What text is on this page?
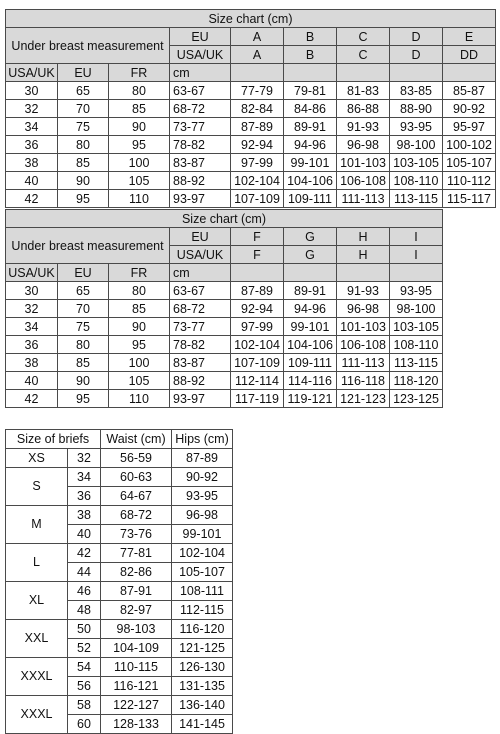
Size chart (cm)								
Under breast measurement			EU	A	B	C	D	E
			USA/UK	A	B	C	D	DD
USA/UK	EU	FR	cm					
30	65	80	63-67	77-79	79-81	81-83	83-85	85-87
32	70	85	68-72	82-84	84-86	86-88	88-90	90-92
34	75	90	73-77	87-89	89-91	91-93	93-95	95-97
36	80	95	78-82	92-94	94-96	96-98	98-100	100-102
38	85	100	83-87	97-99	99-101	101-103	103-105	105-107
40	90	105	88-92	102-104	104-106	106-108	108-110	110-112
42	95	110	93-97	107-109	109-111	111-113	113-115	115-117
Size chart (cm)							
Under breast measurement			EU	F	G	H	I
			USA/UK	F	G	H	I
USA/UK	EU	FR	cm				
30	65	80	63-67	87-89	89-91	91-93	93-95
32	70	85	68-72	92-94	94-96	96-98	98-100
34	75	90	73-77	97-99	99-101	101-103	103-105
36	80	95	78-82	102-104	104-106	106-108	108-110
38	85	100	83-87	107-109	109-111	111-113	113-115
40	90	105	88-92	112-114	114-116	116-118	118-120
42	95	110	93-97	117-119	119-121	121-123	123-125
Size of briefs		Waist (cm)	Hips (cm)
XS	32	56-59	87-89
S	34	60-63	90-92
	36	64-67	93-95
M	38	68-72	96-98
	40	73-76	99-101
L	42	77-81	102-104
	44	82-86	105-107
XL	46	87-91	108-111
	48	82-97	112-115
XXL	50	98-103	116-120
	52	104-109	121-125
XXXL	54	110-115	126-130
	56	116-121	131-135
XXXL	58	122-127	136-140
	60	128-133	141-145
